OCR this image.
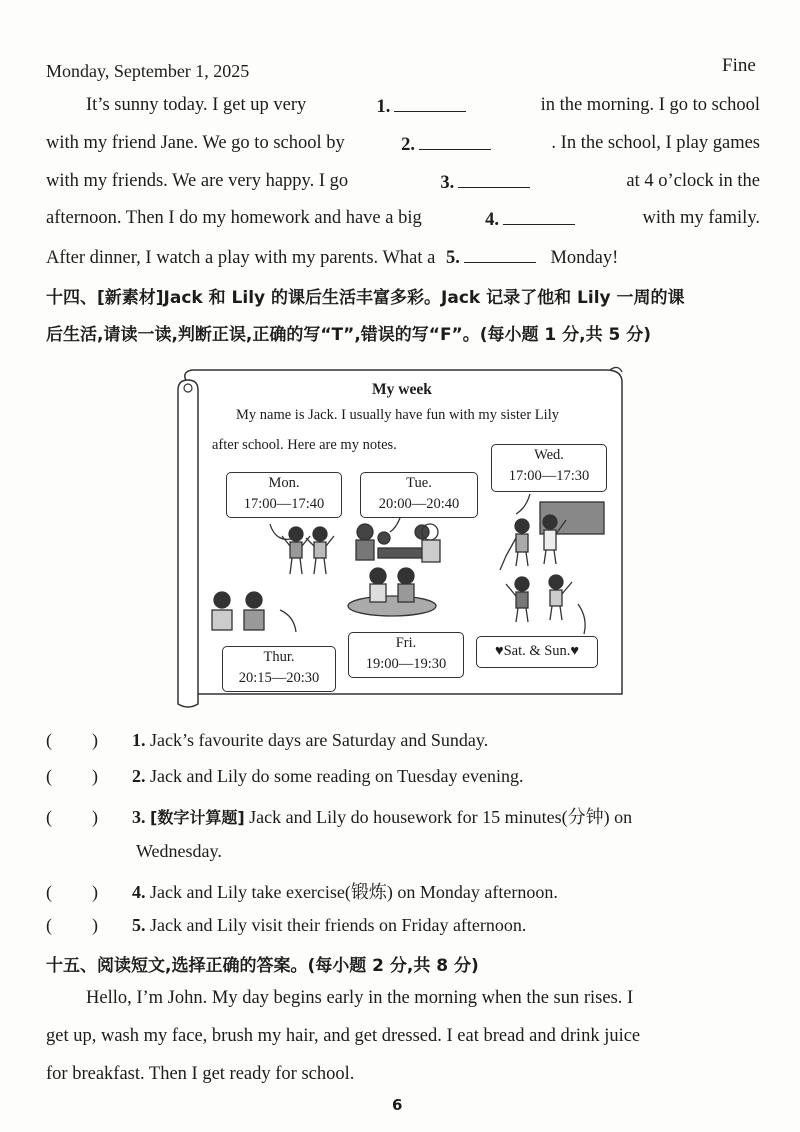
Monday, September 1, 2025	Fine
It’s sunny today. I get up very	1.	in the morning. I go to school
with my friend Jane. We go to school by	2.	. In the school, I play games
with my friends. We are very happy. I go	3.	at 4 o’clock in the
afternoon. Then I do my homework and have a big	4.	with my family.
After dinner, I watch a play with my parents. What a 5.	Monday!
十四、[新素材]Jack 和 Lily 的课后生活丰富多彩。Jack 记录了他和 Lily 一周的课
后生活,请读一读,判断正误,正确的写“T”,错误的写“F”。(每小题 1 分,共 5 分)
My week
My name is Jack. I usually have fun with my sister Lily
after school. Here are my notes.
Mon.
17:00—17:40
Tue.
20:00—20:40
Wed.
17:00—17:30
Thur.
20:15—20:30
Fri.
19:00—19:30
♥Sat. & Sun.♥
( ) 1. Jack’s favourite days are Saturday and Sunday.
( ) 2. Jack and Lily do some reading on Tuesday evening.
( ) 3. [数字计算题] Jack and Lily do housework for 15 minutes(分钟) on
Wednesday.
( ) 4. Jack and Lily take exercise(锻炼) on Monday afternoon.
( ) 5. Jack and Lily visit their friends on Friday afternoon.
十五、阅读短文,选择正确的答案。(每小题 2 分,共 8 分)
Hello, I’m John. My day begins early in the morning when the sun rises. I
get up, wash my face, brush my hair, and get dressed. I eat bread and drink juice
for breakfast. Then I get ready for school.
6
